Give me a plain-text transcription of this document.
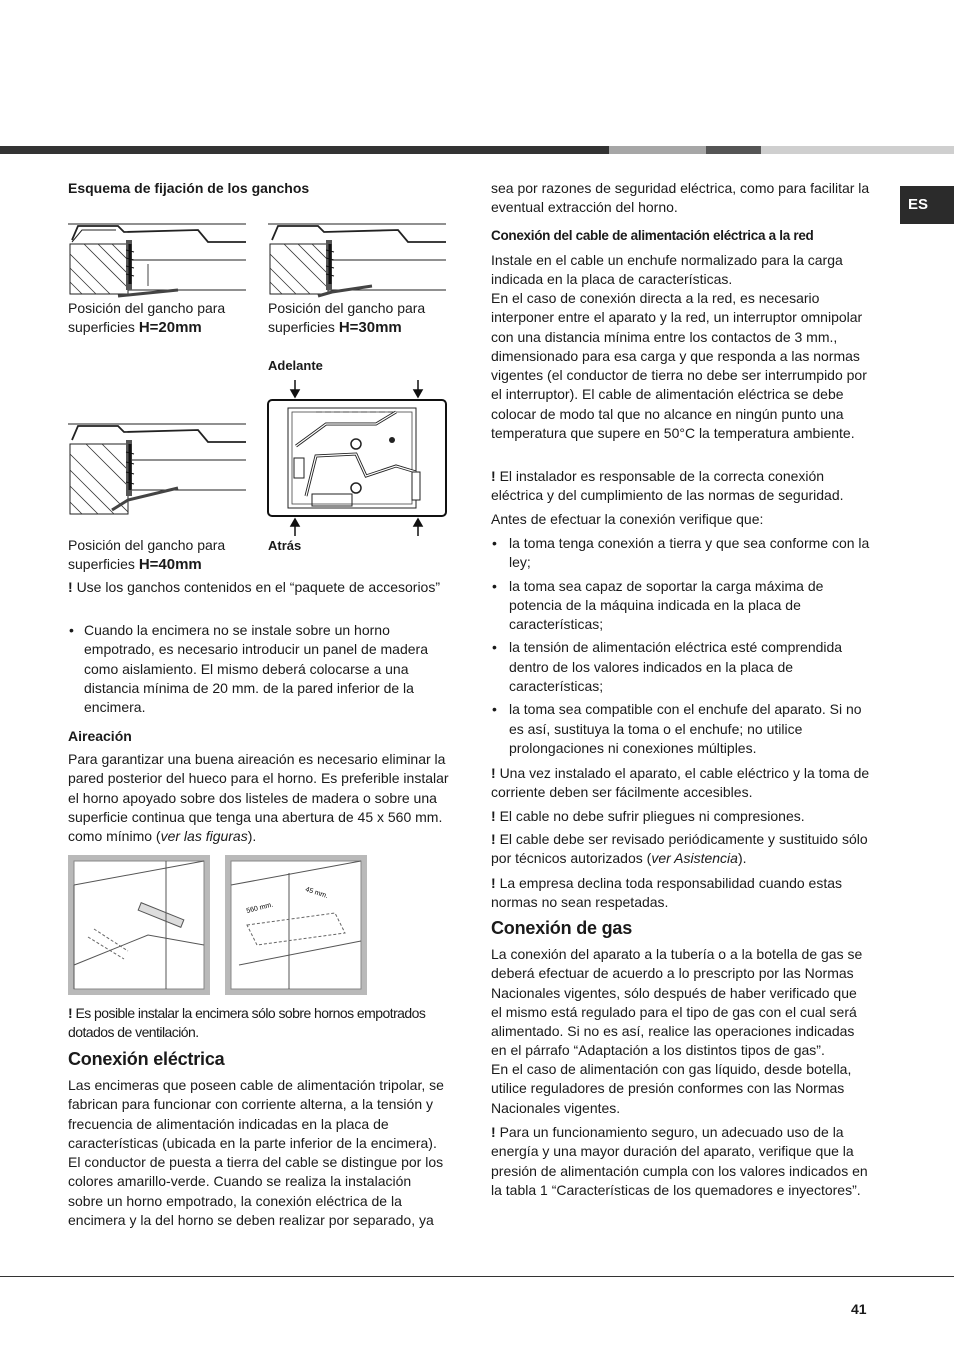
ES
Esquema de fijación de los ganchos
Posición del gancho para superficies H=20mm
Posición del gancho para superficies H=30mm
Posición del gancho para superficies H=40mm
Adelante
Atrás
! Use los ganchos contenidos en el “paquete de accesorios”
• Cuando la encimera no se instale sobre un horno empotrado, es necesario introducir un panel de madera como aislamiento. El mismo deberá colocarse a una distancia mínima de 20 mm. de la pared inferior de la encimera.
Aireación

Para garantizar una buena aireación es necesario eliminar la pared posterior del hueco para el horno. Es preferible instalar el horno apoyado sobre dos listeles de madera o sobre una superficie continua que tenga una abertura de 45 x 560 mm. como mínimo (ver las figuras).

560 mm.
45 mm.
! Es posible instalar la encimera sólo sobre hornos empotrados dotados de ventilación.
Conexión eléctrica

Las encimeras que poseen cable de alimentación tripolar, se fabrican para funcionar con corriente alterna, a la tensión y frecuencia de alimentación indicadas en la placa de características (ubicada en la parte inferior de la encimera). El conductor de puesta a tierra del cable se distingue por los colores amarillo-verde. Cuando se realiza la instalación sobre un horno empotrado, la conexión eléctrica de la encimera y la del horno se deben realizar por separado, ya

sea por razones de seguridad eléctrica, como para facilitar la eventual extracción del horno.

Conexión del cable de alimentación eléctrica a la red

Instale en el cable un enchufe normalizado para la carga indicada en la placa de características.

En el caso de conexión directa a la red, es necesario interponer entre el aparato y la red, un interruptor omnipolar con una distancia mínima entre los contactos de 3 mm., dimensionado para esa carga y que responda a las normas vigentes (el conductor de tierra no debe ser interrumpido por el interruptor). El cable de alimentación eléctrica se debe colocar de modo tal que no alcance en ningún punto una temperatura que supere en 50°C la temperatura ambiente.

! El instalador es responsable de la correcta conexión eléctrica y del cumplimiento de las normas de seguridad.

Antes de efectuar la conexión verifique que:

• la toma tenga conexión a tierra y que sea conforme con la ley;
• la toma sea capaz de soportar la carga máxima de potencia de la máquina indicada en la placa de características;
• la tensión de alimentación eléctrica esté comprendida dentro de los valores indicados en la placa de características;
• la toma sea compatible con el enchufe del aparato. Si no es así, sustituya la toma o el enchufe; no utilice prolongaciones ni conexiones múltiples.
! Una vez instalado el aparato, el cable eléctrico y la toma de corriente deben ser fácilmente accesibles.
! El cable no debe sufrir pliegues ni compresiones.
! El cable debe ser revisado periódicamente y sustituido sólo por técnicos autorizados (ver Asistencia).
! La empresa declina toda responsabilidad cuando estas normas no sean respetadas.
Conexión de gas

La conexión del aparato a la tubería o a la botella de gas se deberá efectuar de acuerdo a lo prescripto por las Normas Nacionales vigentes, sólo después de haber verificado que el mismo está regulado para el tipo de gas con el cual será alimentado. Si no es así, realice las operaciones indicadas en el párrafo “Adaptación a los distintos tipos de gas”.

En el caso de alimentación con gas líquido, desde botella, utilice reguladores de presión conformes con las Normas Nacionales vigentes.

! Para un funcionamiento seguro, un adecuado uso de la energía y una mayor duración del aparato, verifique que la presión de alimentación cumpla con los valores indicados en la tabla 1 “Características de los quemadores e inyectores”.
41
